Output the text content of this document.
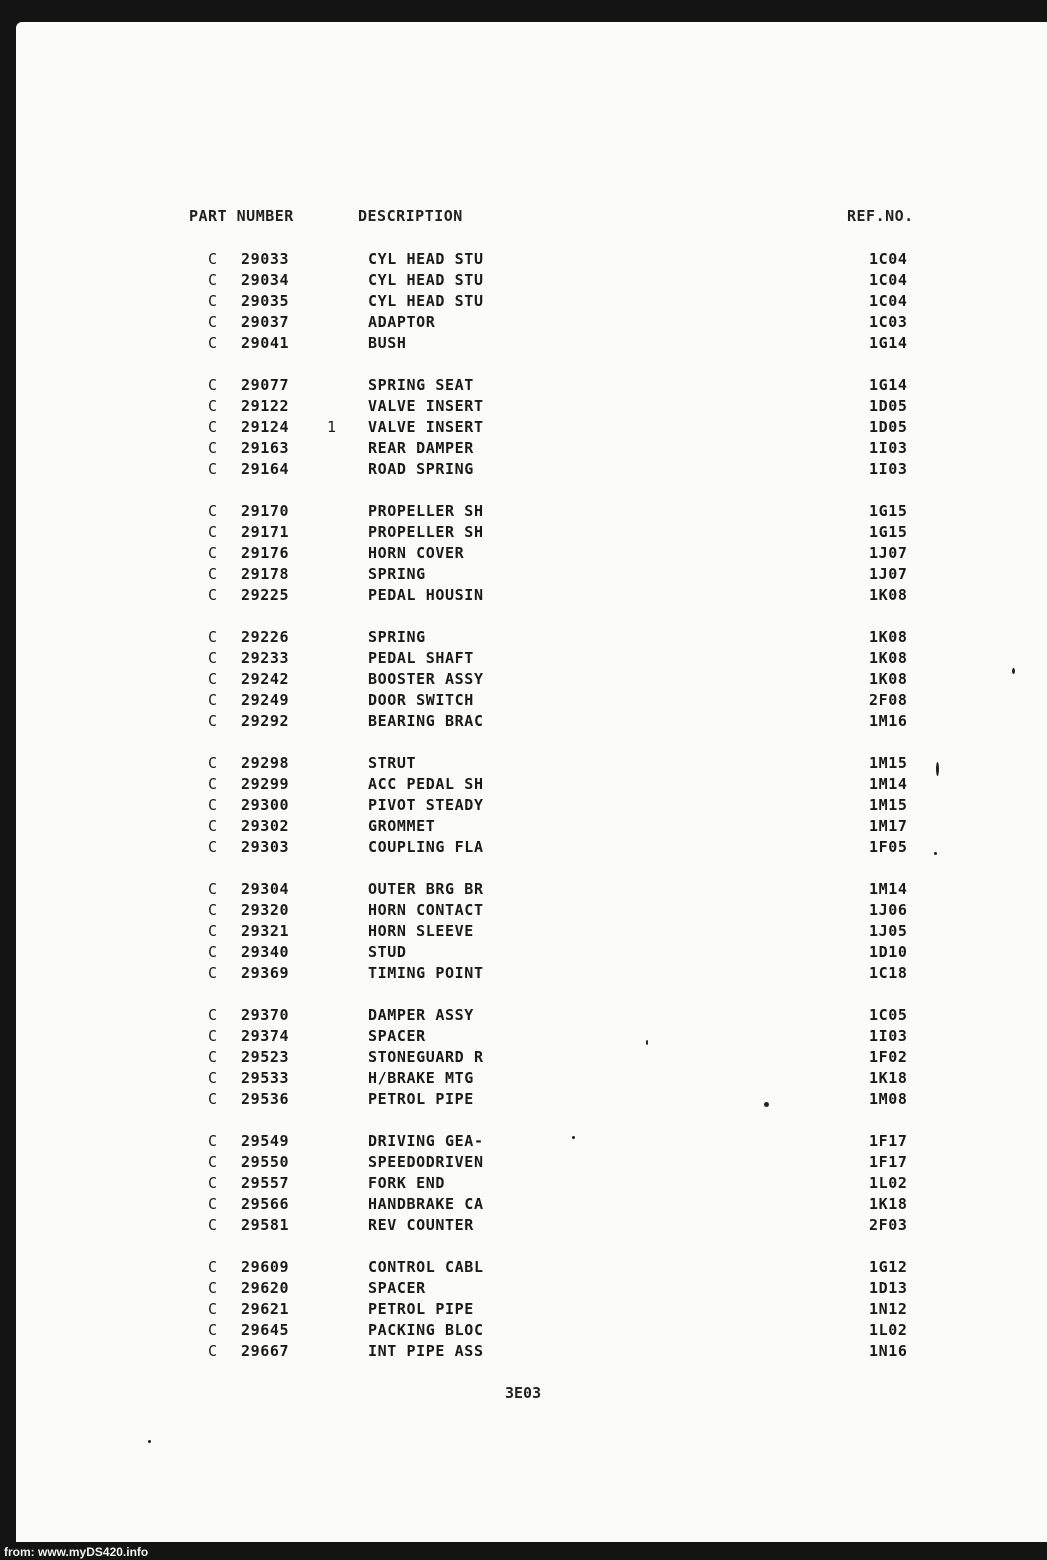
PART NUMBER	DESCRIPTION	REF.NO.
C 29033	CYL HEAD STU	1C04
C 29034	CYL HEAD STU	1C04
C 29035	CYL HEAD STU	1C04
C 29037	ADAPTOR	1C03
C 29041	BUSH	1G14
C 29077	SPRING SEAT	1G14
C 29122	VALVE INSERT	1D05
C 29124	1 VALVE INSERT	1D05
C 29163	REAR DAMPER	1I03
C 29164	ROAD SPRING	1I03
C 29170	PROPELLER SH	1G15
C 29171	PROPELLER SH	1G15
C 29176	HORN COVER	1J07
C 29178	SPRING	1J07
C 29225	PEDAL HOUSIN	1K08
C 29226	SPRING	1K08
C 29233	PEDAL SHAFT	1K08
C 29242	BOOSTER ASSY	1K08
C 29249	DOOR SWITCH	2F08
C 29292	BEARING BRAC	1M16
C 29298	STRUT	1M15
C 29299	ACC PEDAL SH	1M14
C 29300	PIVOT STEADY	1M15
C 29302	GROMMET	1M17
C 29303	COUPLING FLA	1F05
C 29304	OUTER BRG BR	1M14
C 29320	HORN CONTACT	1J06
C 29321	HORN SLEEVE	1J05
C 29340	STUD	1D10
C 29369	TIMING POINT	1C18
C 29370	DAMPER ASSY	1C05
C 29374	SPACER	1I03
C 29523	STONEGUARD R	1F02
C 29533	H/BRAKE MTG	1K18
C 29536	PETROL PIPE	1M08
C 29549	DRIVING GEA-	1F17
C 29550	SPEEDODRIVEN	1F17
C 29557	FORK END	1L02
C 29566	HANDBRAKE CA	1K18
C 29581	REV COUNTER	2F03
C 29609	CONTROL CABL	1G12
C 29620	SPACER	1D13
C 29621	PETROL PIPE	1N12
C 29645	PACKING BLOC	1L02
C 29667	INT PIPE ASS	1N16
3E03
from: www.myDS420.info
